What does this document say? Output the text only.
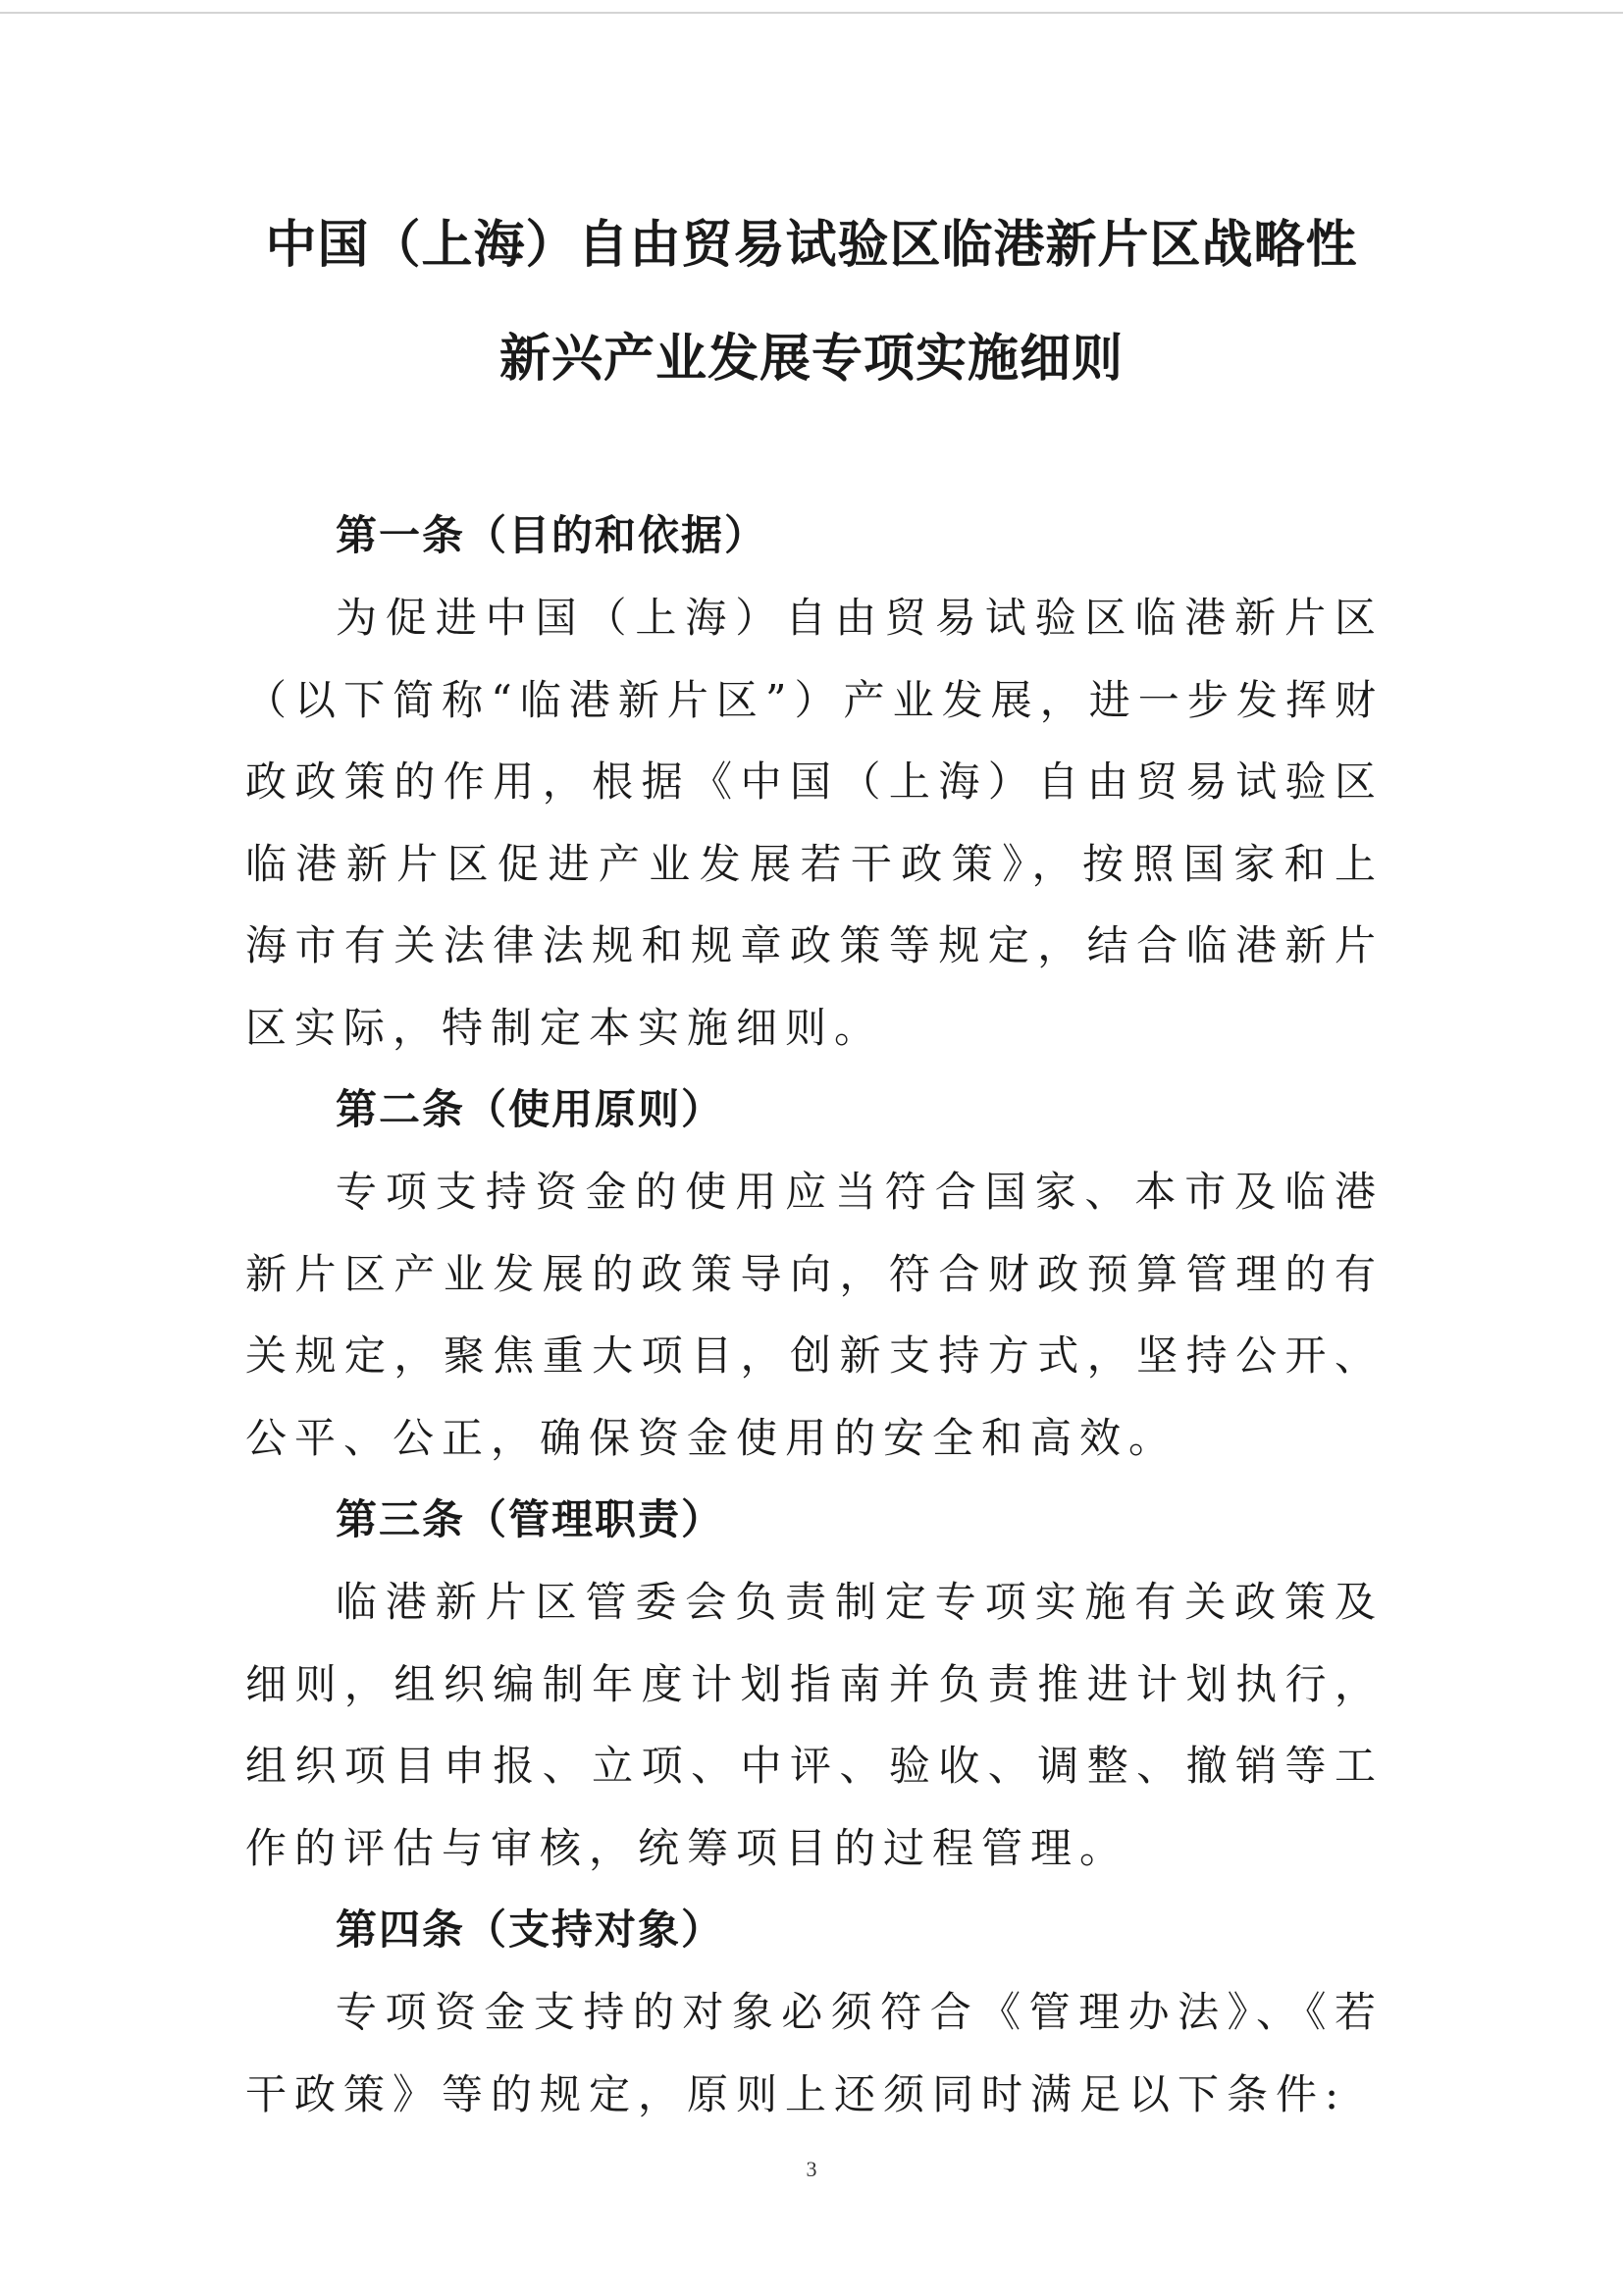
中国（上海）自由贸易试验区临港新片区战略性
新兴产业发展专项实施细则
第一条（目的和依据）

为促进中国（上海）自由贸易试验区临港新片区（以下简称“临港新片区”）产业发展，进一步发挥财政政策的作用，根据《中国（上海）自由贸易试验区临港新片区促进产业发展若干政策》，按照国家和上海市有关法律法规和规章政策等规定，结合临港新片区实际，特制定本实施细则。

第二条（使用原则）

专项支持资金的使用应当符合国家、本市及临港新片区产业发展的政策导向，符合财政预算管理的有关规定，聚焦重大项目，创新支持方式，坚持公开、公平、公正，确保资金使用的安全和高效。

第三条（管理职责）

临港新片区管委会负责制定专项实施有关政策及细则，组织编制年度计划指南并负责推进计划执行，组织项目申报、立项、中评、验收、调整、撤销等工作的评估与审核，统筹项目的过程管理。

第四条（支持对象）

专项资金支持的对象必须符合《管理办法》、《若干政策》等的规定，原则上还须同时满足以下条件:

3
